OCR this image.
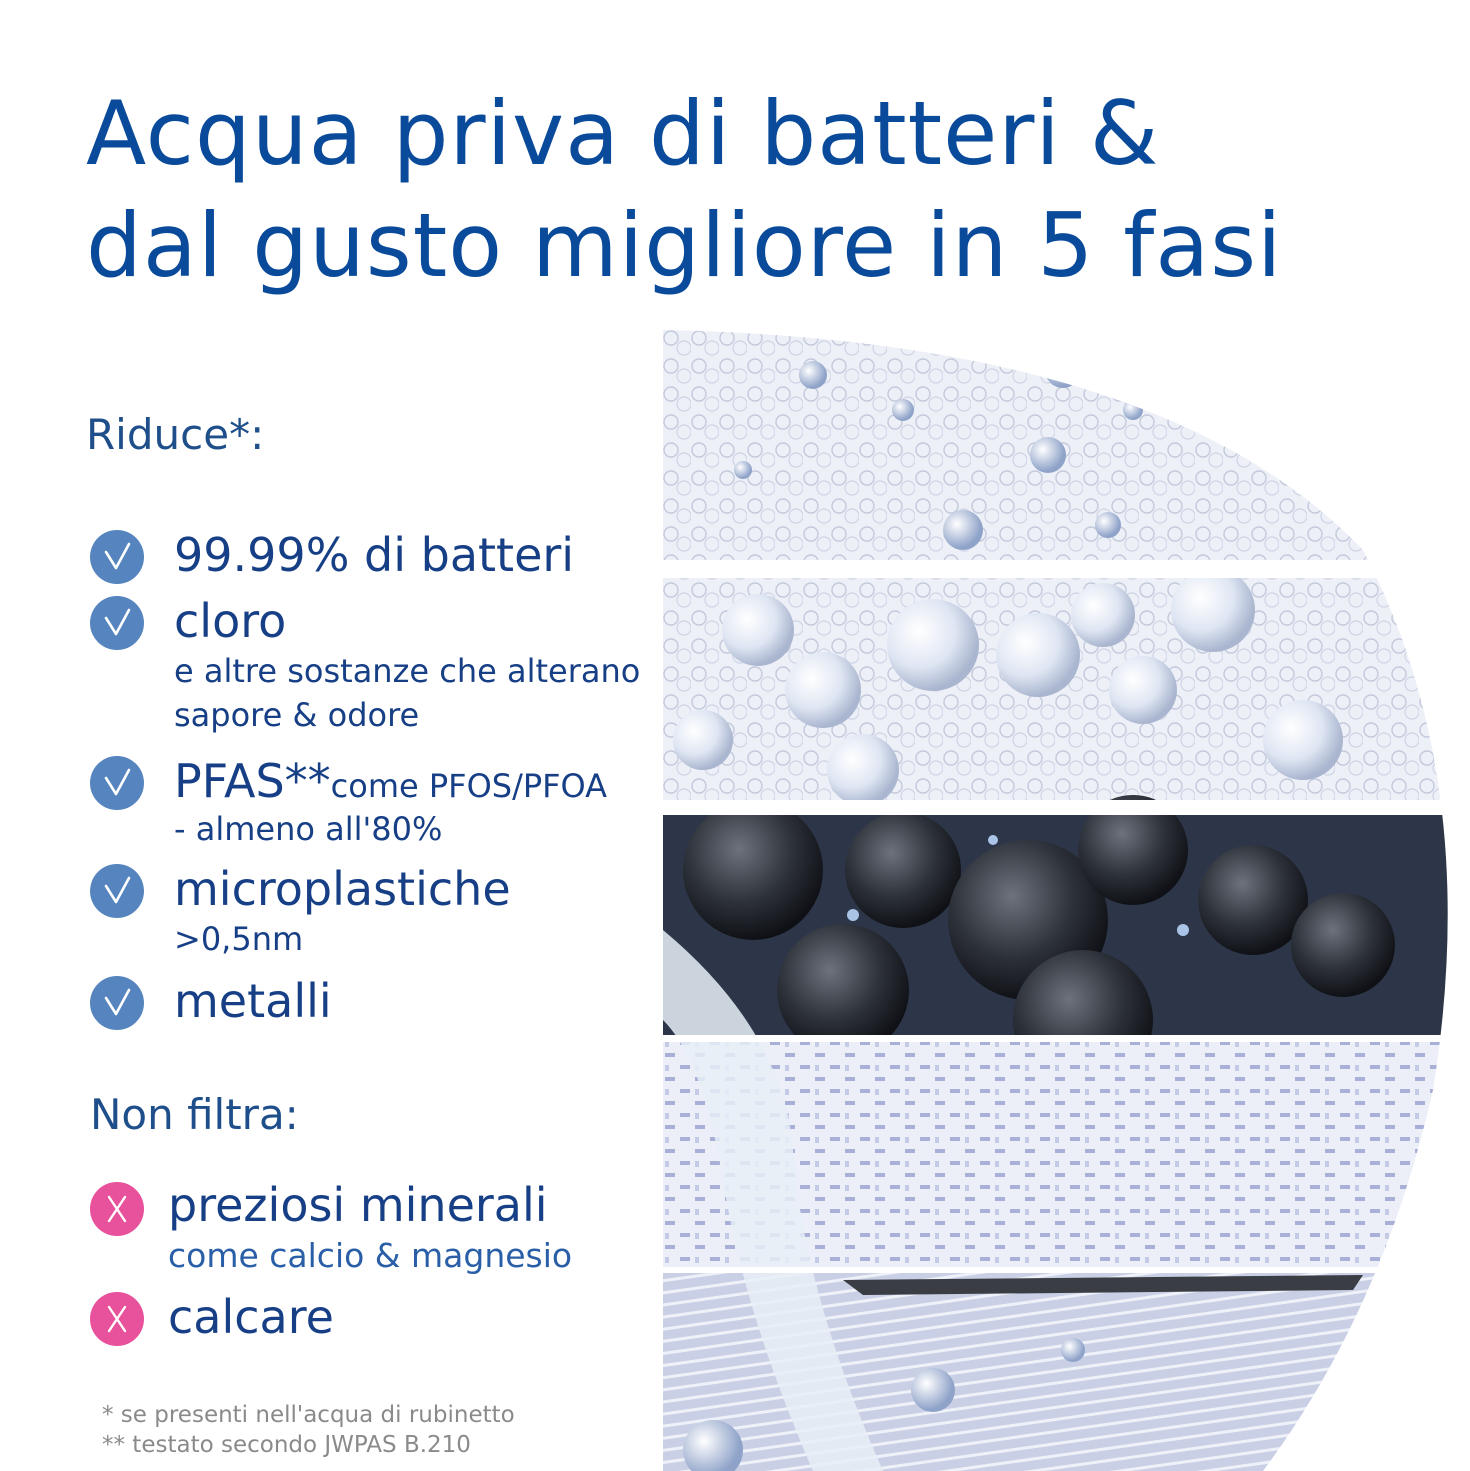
Acqua priva di batteri &
dal gusto migliore in 5 fasi
Riduce*:
99.99% di batteri
cloro
e altre sostanze che alterano
sapore & odore
PFAS**come PFOS/PFOA
- almeno all'80%
microplastiche
>0,5nm
metalli
Non filtra:
preziosi minerali
come calcio & magnesio
calcare
* se presenti nell'acqua di rubinetto
** testato secondo JWPAS B.210
